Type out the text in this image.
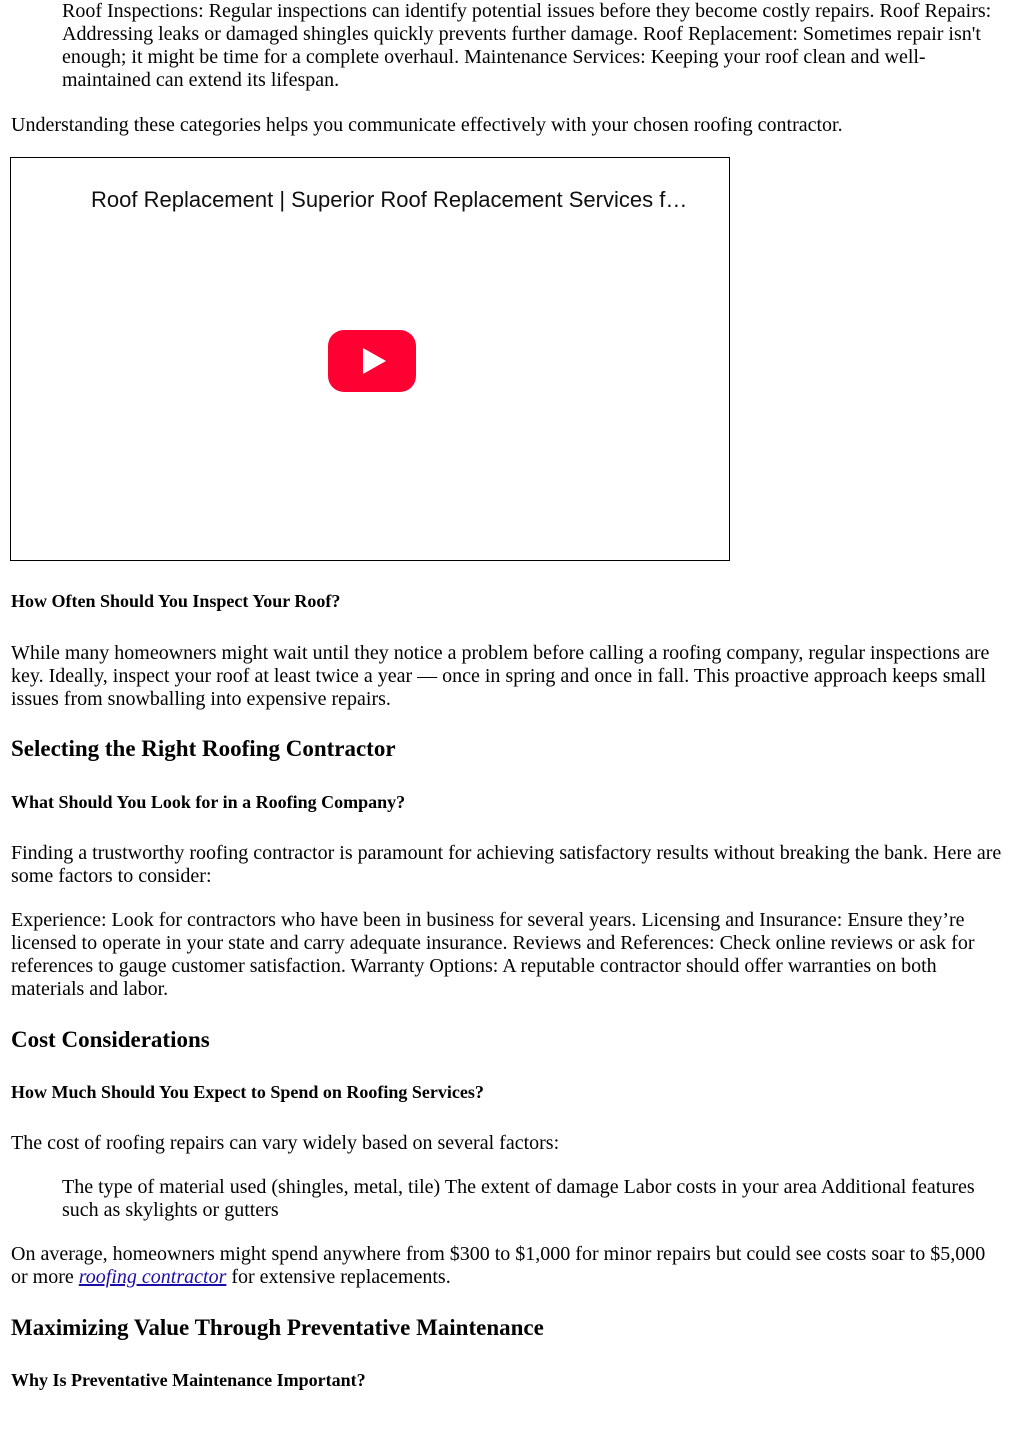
Roof Inspections: Regular inspections can identify potential issues before they become costly repairs. Roof Repairs: Addressing leaks or damaged shingles quickly prevents further damage. Roof Replacement: Sometimes repair isn't enough; it might be time for a complete overhaul. Maintenance Services: Keeping your roof clean and well-maintained can extend its lifespan.

Understanding these categories helps you communicate effectively with your chosen roofing contractor.

Roof Replacement | Superior Roof Replacement Services f…
How Often Should You Inspect Your Roof?

While many homeowners might wait until they notice a problem before calling a roofing company, regular inspections are key. Ideally, inspect your roof at least twice a year — once in spring and once in fall. This proactive approach keeps small issues from snowballing into expensive repairs.

Selecting the Right Roofing Contractor
What Should You Look for in a Roofing Company?

Finding a trustworthy roofing contractor is paramount for achieving satisfactory results without breaking the bank. Here are some factors to consider:

Experience: Look for contractors who have been in business for several years. Licensing and Insurance: Ensure they’re licensed to operate in your state and carry adequate insurance. Reviews and References: Check online reviews or ask for references to gauge customer satisfaction. Warranty Options: A reputable contractor should offer warranties on both materials and labor.

Cost Considerations
How Much Should You Expect to Spend on Roofing Services?

The cost of roofing repairs can vary widely based on several factors:

The type of material used (shingles, metal, tile) The extent of damage Labor costs in your area Additional features such as skylights or gutters

On average, homeowners might spend anywhere from $300 to $1,000 for minor repairs but could see costs soar to $5,000 or more roofing contractor for extensive replacements.

Maximizing Value Through Preventative Maintenance
Why Is Preventative Maintenance Important?
